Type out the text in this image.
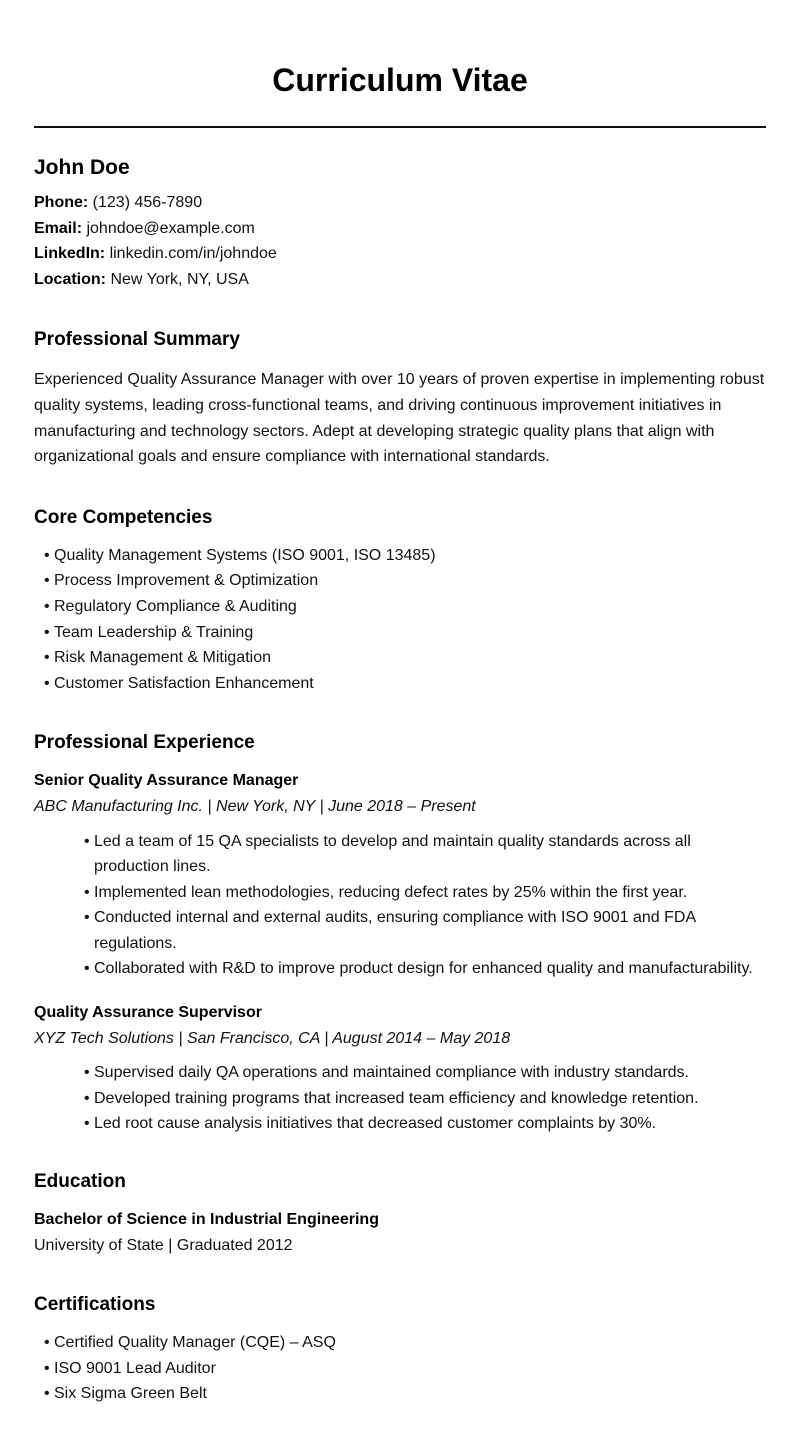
Curriculum Vitae
John Doe
Phone: (123) 456-7890
Email: johndoe@example.com
LinkedIn: linkedin.com/in/johndoe
Location: New York, NY, USA
Professional Summary

Experienced Quality Assurance Manager with over 10 years of proven expertise in implementing robust quality systems, leading cross-functional teams, and driving continuous improvement initiatives in manufacturing and technology sectors. Adept at developing strategic quality plans that align with organizational goals and ensure compliance with international standards.

Core Competencies
• Quality Management Systems (ISO 9001, ISO 13485)
• Process Improvement & Optimization
• Regulatory Compliance & Auditing
• Team Leadership & Training
• Risk Management & Mitigation
• Customer Satisfaction Enhancement
Professional Experience
Senior Quality Assurance Manager
ABC Manufacturing Inc. | New York, NY | June 2018 – Present
• Led a team of 15 QA specialists to develop and maintain quality standards across all production lines.
• Implemented lean methodologies, reducing defect rates by 25% within the first year.
• Conducted internal and external audits, ensuring compliance with ISO 9001 and FDA regulations.
• Collaborated with R&D to improve product design for enhanced quality and manufacturability.
Quality Assurance Supervisor
XYZ Tech Solutions | San Francisco, CA | August 2014 – May 2018
• Supervised daily QA operations and maintained compliance with industry standards.
• Developed training programs that increased team efficiency and knowledge retention.
• Led root cause analysis initiatives that decreased customer complaints by 30%.
Education
Bachelor of Science in Industrial Engineering
University of State | Graduated 2012
Certifications
• Certified Quality Manager (CQE) – ASQ
• ISO 9001 Lead Auditor
• Six Sigma Green Belt
